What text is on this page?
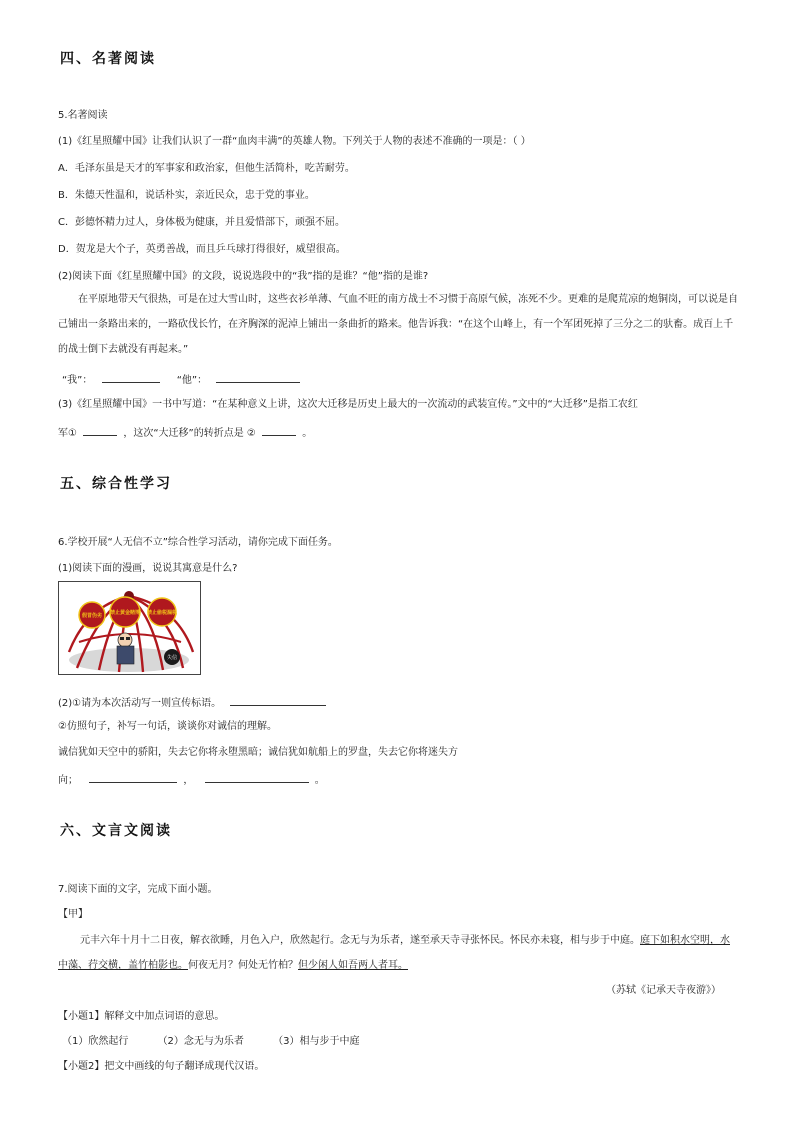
四、名著阅读
5.名著阅读
(1)《红星照耀中国》让我们认识了一群“血肉丰满”的英雄人物。下列关于人物的表述不准确的一项是：（ ）
A．毛泽东虽是天才的军事家和政治家，但他生活简朴，吃苦耐劳。
B．朱德天性温和，说话朴实，亲近民众，忠于党的事业。
C．彭德怀精力过人，身体极为健康，并且爱惜部下，顽强不屈。
D．贺龙是大个子，英勇善战，而且乒乓球打得很好，威望很高。
(2)阅读下面《红星照耀中国》的文段，说说选段中的“我”指的是谁？“他”指的是谁?
在平原地带天气很热，可是在过大雪山时，这些衣衫单薄、气血不旺的南方战士不习惯于高原气候，冻死不少。更难的是爬荒凉的炮铜岗，可以说是自己铺出一条路出来的，一路砍伐长竹，在齐胸深的泥淖上铺出一条曲折的路来。他告诉我：“在这个山峰上，有一个军团死掉了三分之二的驮畜。成百上千的战士倒下去就没有再起来。”
“我”：	“他”：
(3)《红星照耀中国》一书中写道：“在某种意义上讲，这次大迁移是历史上最大的一次流动的武装宣传。”文中的“大迁移”是指工农红
军①	，这次“大迁移”的转折点是 ②	。
五、综合性学习
6.学校开展“人无信不立”综合性学习活动，请你完成下面任务。
(1)阅读下面的漫画，说说其寓意是什么?
假冒伪劣 禁止黄金赌博 禁止偷税漏税
失信
(2)①请为本次活动写一则宣传标语。
②仿照句子，补写一句话，谈谈你对诚信的理解。
诚信犹如天空中的骄阳，失去它你将永堕黑暗；诚信犹如航船上的罗盘，失去它你将迷失方
向；	，	。
六、文言文阅读
7.阅读下面的文字，完成下面小题。
【甲】
元丰六年十月十二日夜，解衣欲睡，月色入户，欣然起行。念无与为乐者，遂至承天寺寻张怀民。怀民亦未寝，相与步于中庭。庭下如积水空明，水中藻、荇交横，盖竹柏影也。何夜无月？何处无竹柏？但少闲人如吾两人者耳。
（苏轼《记承天寺夜游》）
【小题1】解释文中加点词语的意思。
（1）欣然起行	（2）念无与为乐者	（3）相与步于中庭
【小题2】把文中画线的句子翻译成现代汉语。
